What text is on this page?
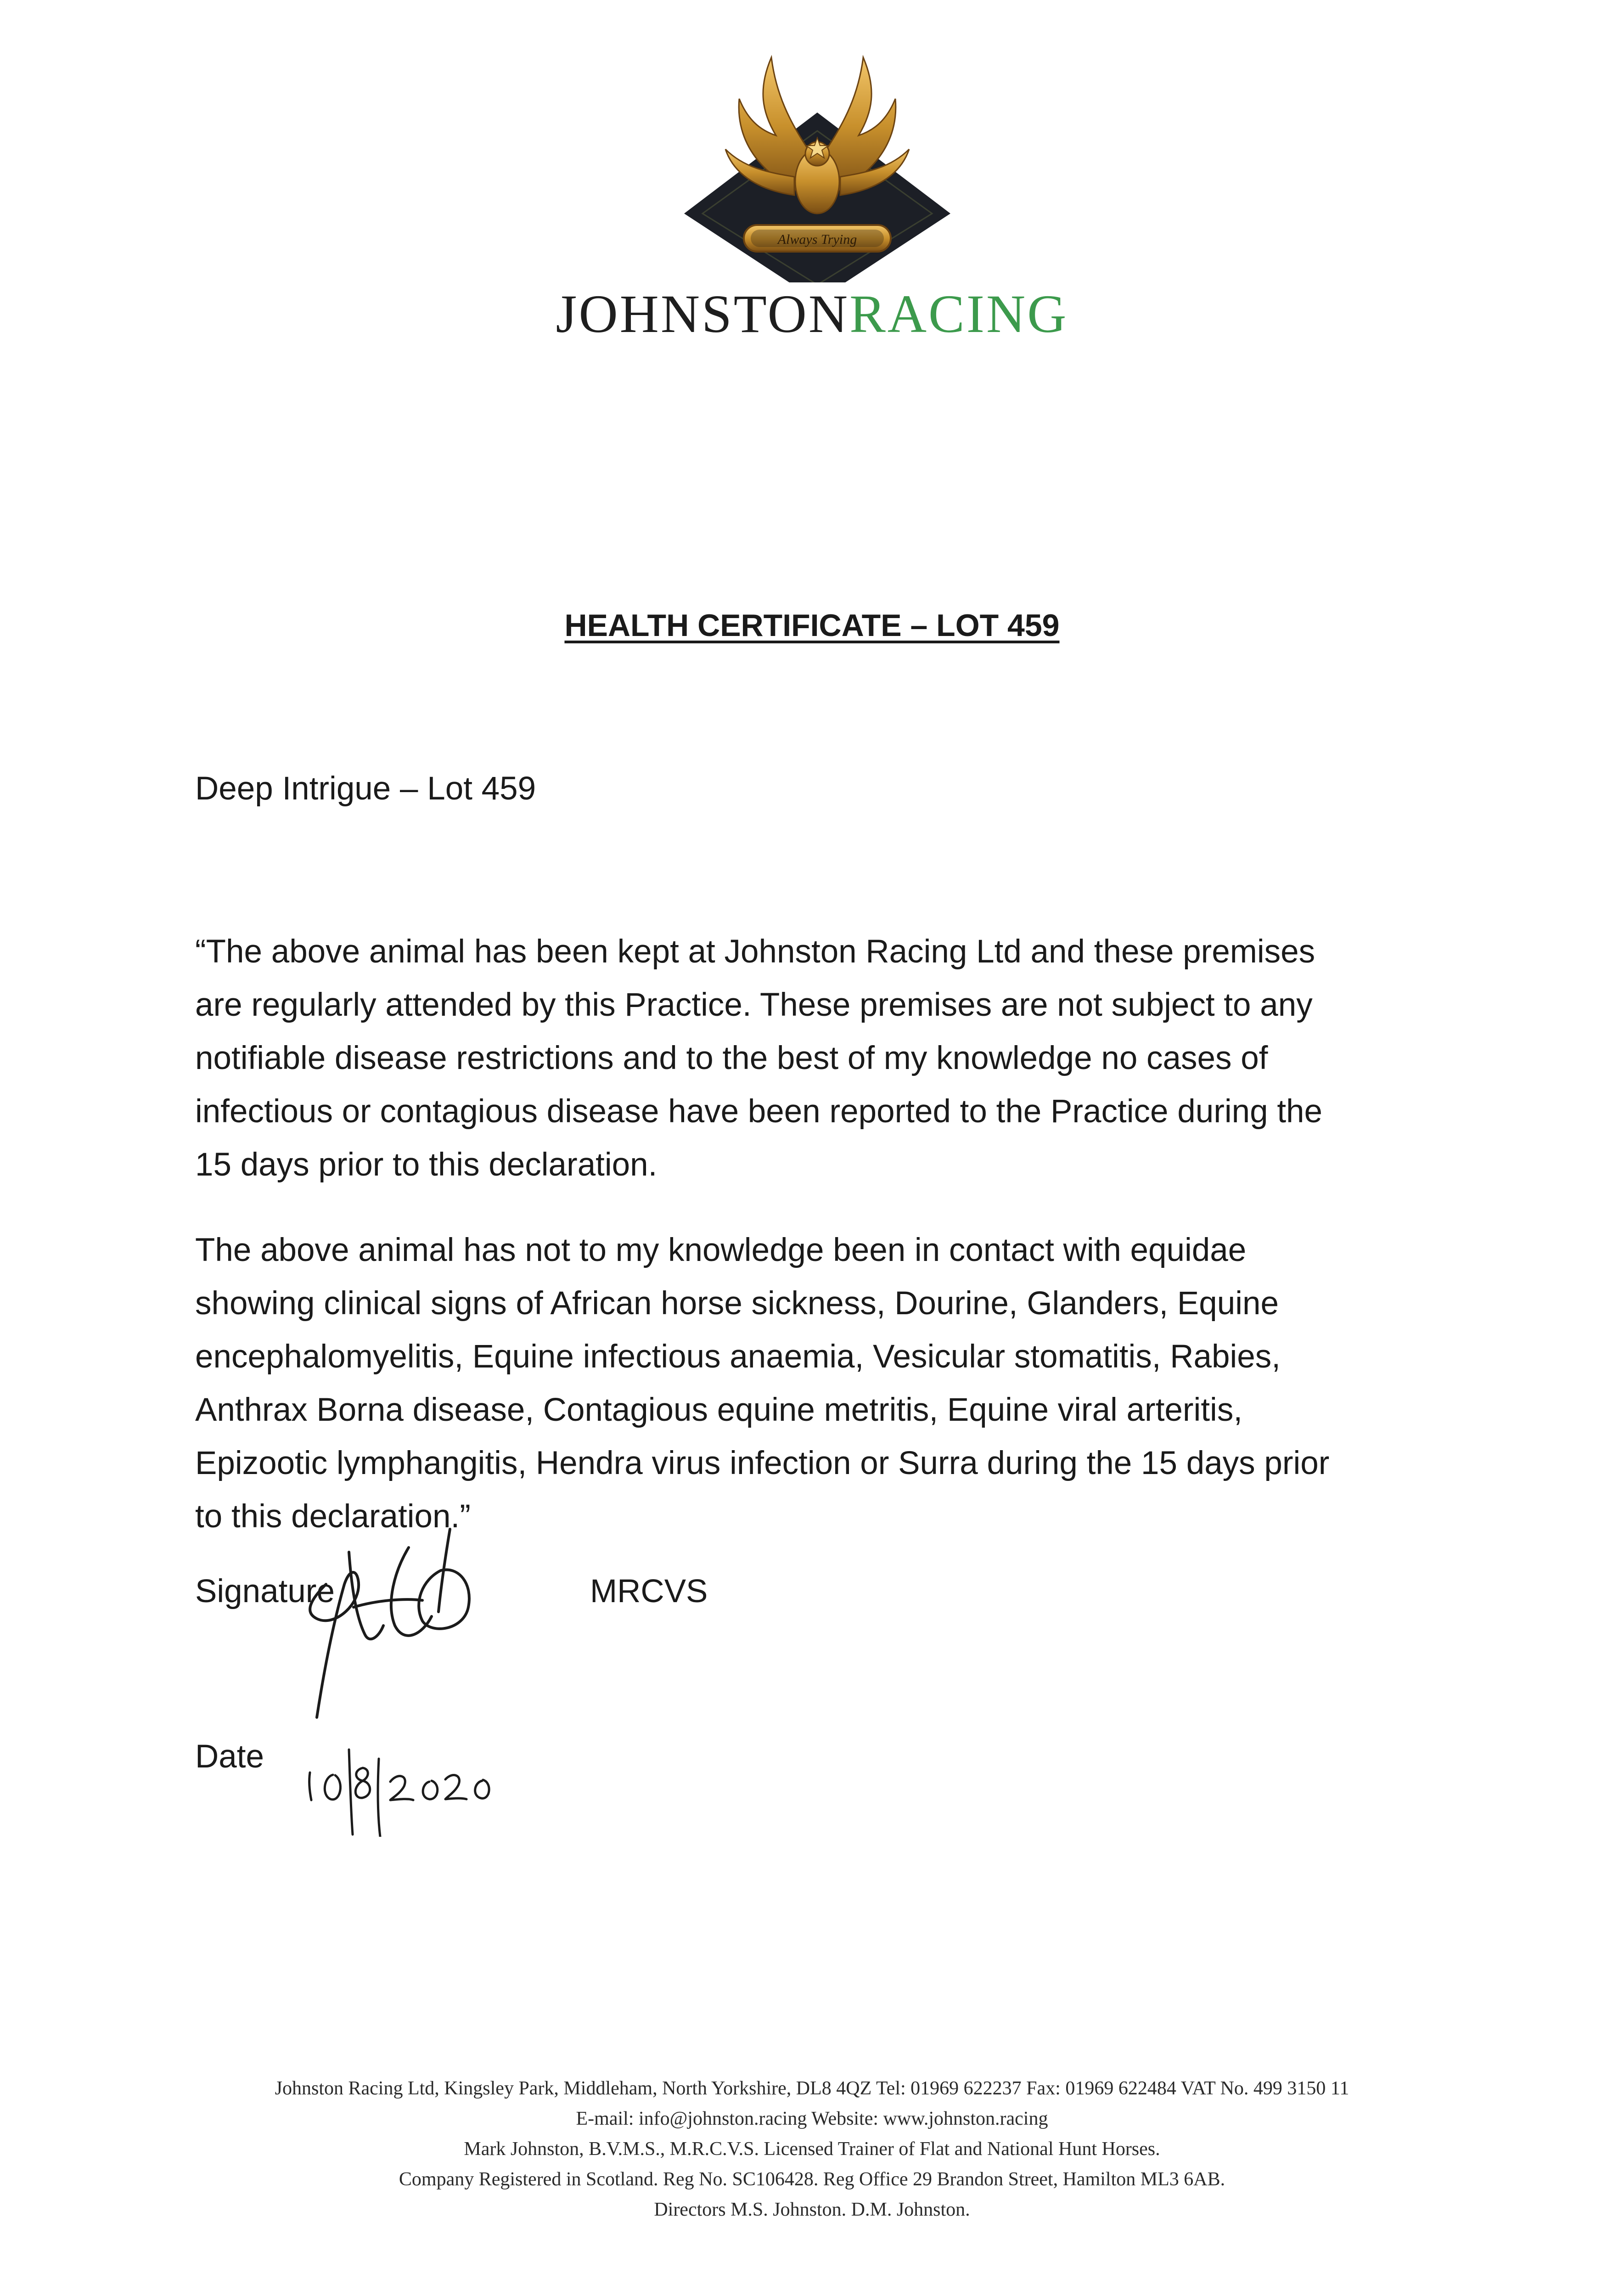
Always Trying
JOHNSTONRACING
HEALTH CERTIFICATE – LOT 459
Deep Intrigue – Lot 459
“The above animal has been kept at Johnston Racing Ltd and these premises
are regularly attended by this Practice. These premises are not subject to any
notifiable disease restrictions and to the best of my knowledge no cases of
infectious or contagious disease have been reported to the Practice during the
15 days prior to this declaration.
The above animal has not to my knowledge been in contact with equidae
showing clinical signs of African horse sickness, Dourine, Glanders, Equine
encephalomyelitis, Equine infectious anaemia, Vesicular stomatitis, Rabies,
Anthrax Borna disease, Contagious equine metritis, Equine viral arteritis,
Epizootic lymphangitis, Hendra virus infection or Surra during the 15 days prior
to this declaration.”
Signature	MRCVS
Date
Johnston Racing Ltd, Kingsley Park, Middleham, North Yorkshire, DL8 4QZ Tel: 01969 622237 Fax: 01969 622484 VAT No. 499 3150 11
E-mail: info@johnston.racing Website: www.johnston.racing
Mark Johnston, B.V.M.S., M.R.C.V.S. Licensed Trainer of Flat and National Hunt Horses.
Company Registered in Scotland. Reg No. SC106428. Reg Office 29 Brandon Street, Hamilton ML3 6AB.
Directors M.S. Johnston. D.M. Johnston.
